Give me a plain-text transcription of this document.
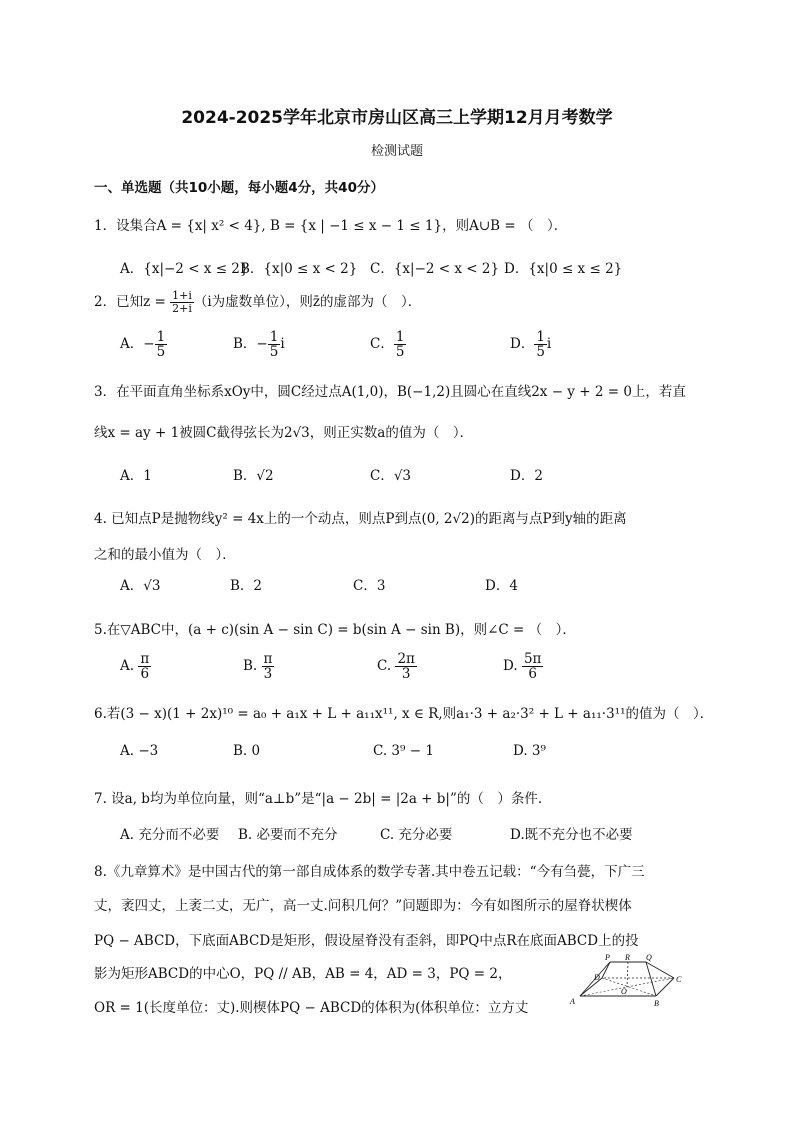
2024-2025学年北京市房山区高三上学期12月月考数学
检测试题
一、单选题（共10小题，每小题4分，共40分）
1．设集合A = {x| x² < 4}, B = {x | −1 ≤ x − 1 ≤ 1}，则A∪B = （　）．
A．{x|−2 < x ≤ 2}
B．{x|0 ≤ x < 2} C．{x|−2 < x < 2} D．{x|0 ≤ x ≤ 2}
2．已知$z = \frac{1+i}{2+i} (i$为虚数单位），则z̄的虚部为（　）．
A．− $\frac{1}{5}$	B．− $\frac{1}{5}$ i	C． $\frac{1}{5}$	D． $\frac{1}{5}$ i
3．在平面直角坐标系xOy中，圆C经过点A(1,0)，B(−1,2)且圆心在直线2x − y + 2 = 0上，若直
线x = ay + 1被圆C截得弦长为2√3，则正实数a的值为（　）．
A．1	B．√2	C．√3	D．2
4. 已知点P是抛物线y² = 4x上的一个动点，则点P到点(0, 2√2)的距离与点P到y轴的距离
之和的最小值为（　）．
A．√3	B．2	C．3	D．4
5.在▽ABC中，(a + c)(sin A − sin C) = b(sin A − sin B)，则∠C = （　）．
A. $\frac{\pi}{6}$	B. $\frac{\pi}{3}$	C. $\frac{2\pi}{3}$	D. $\frac{5\pi}{6}$
6.若(3 − x)(1 + 2x)¹⁰ = a₀ + a₁x + L + a₁₁x¹¹, x ∈ R,则a₁·3 + a₂·3² + L + a₁₁·3¹¹的值为（　）．
A. −3	B. 0	C. 3⁹ − 1	D. 3⁹
7. 设a, b均为单位向量，则“a⊥b”是“|a − 2b| = |2a + b|”的（　）条件.
A. 充分而不必要 B. 必要而不充分	C. 充分必要	D.既不充分也不必要
8.《九章算术》是中国古代的第一部自成体系的数学专著.其中卷五记载：“今有刍甍，下广三
丈，袤四丈，上袤二丈，无广，高一丈.问积几何？”问题即为：今有如图所示的屋脊状楔体
PQ − ABCD，下底面ABCD是矩形，假设屋脊没有歪斜，即PQ中点R在底面ABCD上的投
影为矩形ABCD的中心O，PQ // AB，AB = 4，AD = 3，PQ = 2，
OR = 1(长度单位：丈).则楔体PQ − ABCD的体积为(体积单位：立方丈
D
P R Q
C
O
A	B
